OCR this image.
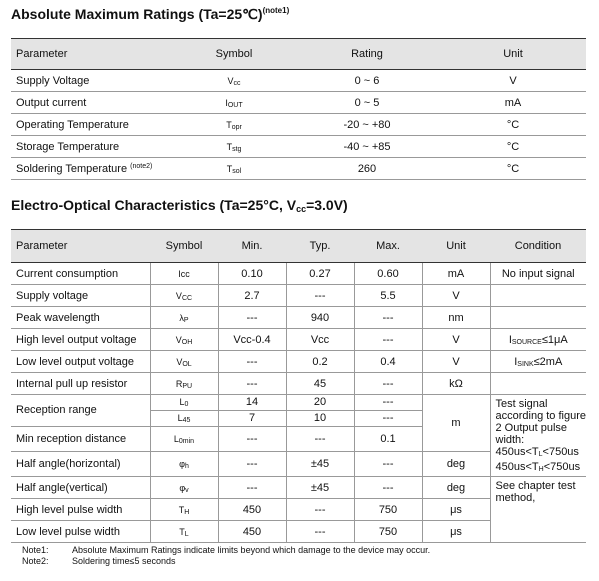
Absolute Maximum Ratings (Ta=25℃)$^{(note1)}$
Parameter	Symbol	Rating	Unit
Supply Voltage	Vcc	0 ~ 6	V
Output current	IOUT	0 ~ 5	mA
Operating Temperature	Topr	-20 ~ +80	°C
Storage Temperature	Tstg	-40 ~ +85	°C
Soldering Temperature $^{(note2)}$	Tsol	260	°C
Electro-Optical Characteristics (Ta=25°C, $V_{cc}=3.0V$)
Parameter	Symbol	Min.	Typ.	Max.	Unit	Condition
Current consumption	Icc	0.10	0.27	0.60	mA	No input signal
Supply voltage	VCC	2.7	---	5.5	V	
Peak wavelength	λP	---	940	---	nm	
High level output voltage	VOH	Vcc-0.4	Vcc	---	V	ISOURCE≤1μA
Low level output voltage	VOL	---	0.2	0.4	V	ISINK≤2mA
Internal pull up resistor	RPU	---	45	---	kΩ	
Reception range	L0	14	20	---	m	Test signal according to figure 2 Output pulse width:
450us<TL<750us
450us<TH<750us
	L45	7	10	---		
Min reception distance	L0min	---	---	0.1		
Half angle(horizontal)	φh	---	±45	---	deg	
Half angle(vertical)	φv	---	±45	---	deg	See chapter test method,
High level pulse width	TH	450	---	750	μs	
Low level pulse width	TL	450	---	750	μs	
Note1:	Absolute Maximum Ratings indicate limits beyond which damage to the device may occur.
Note2:	Soldering time≤5 seconds
